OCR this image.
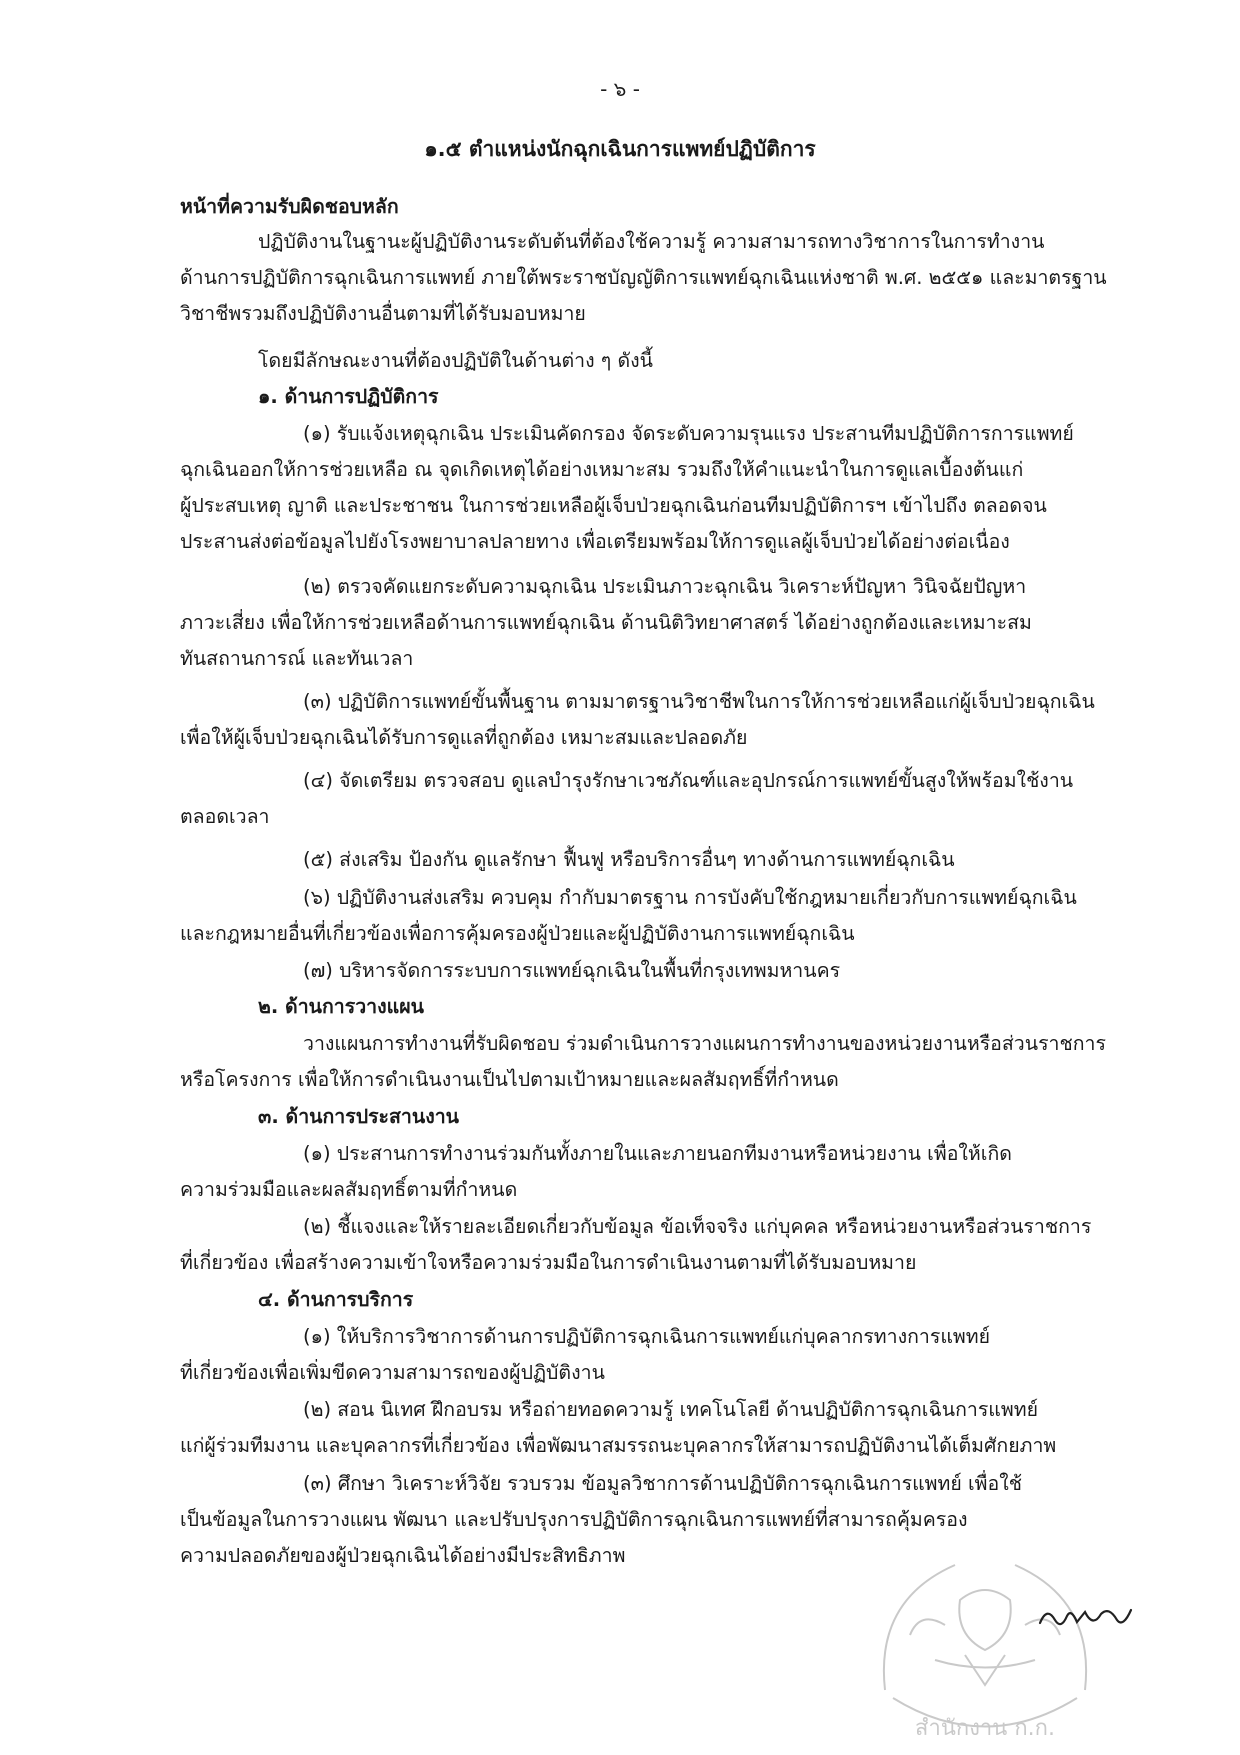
- ๖ -
๑.๕ ตำแหน่งนักฉุกเฉินการแพทย์ปฏิบัติการ
หน้าที่ความรับผิดชอบหลัก
ปฏิบัติงานในฐานะผู้ปฏิบัติงานระดับต้นที่ต้องใช้ความรู้ ความสามารถทางวิชาการในการทำงาน
ด้านการปฏิบัติการฉุกเฉินการแพทย์ ภายใต้พระราชบัญญัติการแพทย์ฉุกเฉินแห่งชาติ พ.ศ. ๒๕๕๑ และมาตรฐาน
วิชาชีพรวมถึงปฏิบัติงานอื่นตามที่ได้รับมอบหมาย
โดยมีลักษณะงานที่ต้องปฏิบัติในด้านต่าง ๆ ดังนี้
๑. ด้านการปฏิบัติการ
(๑) รับแจ้งเหตุฉุกเฉิน ประเมินคัดกรอง จัดระดับความรุนแรง ประสานทีมปฏิบัติการการแพทย์
ฉุกเฉินออกให้การช่วยเหลือ ณ จุดเกิดเหตุได้อย่างเหมาะสม รวมถึงให้คำแนะนำในการดูแลเบื้องต้นแก่
ผู้ประสบเหตุ ญาติ และประชาชน ในการช่วยเหลือผู้เจ็บป่วยฉุกเฉินก่อนทีมปฏิบัติการฯ เข้าไปถึง ตลอดจน
ประสานส่งต่อข้อมูลไปยังโรงพยาบาลปลายทาง เพื่อเตรียมพร้อมให้การดูแลผู้เจ็บป่วยได้อย่างต่อเนื่อง
(๒) ตรวจคัดแยกระดับความฉุกเฉิน ประเมินภาวะฉุกเฉิน วิเคราะห์ปัญหา วินิจฉัยปัญหา
ภาวะเสี่ยง เพื่อให้การช่วยเหลือด้านการแพทย์ฉุกเฉิน ด้านนิติวิทยาศาสตร์ ได้อย่างถูกต้องและเหมาะสม
ทันสถานการณ์ และทันเวลา
(๓) ปฏิบัติการแพทย์ขั้นพื้นฐาน ตามมาตรฐานวิชาชีพในการให้การช่วยเหลือแก่ผู้เจ็บป่วยฉุกเฉิน
เพื่อให้ผู้เจ็บป่วยฉุกเฉินได้รับการดูแลที่ถูกต้อง เหมาะสมและปลอดภัย
(๔) จัดเตรียม ตรวจสอบ ดูแลบำรุงรักษาเวชภัณฑ์และอุปกรณ์การแพทย์ขั้นสูงให้พร้อมใช้งาน
ตลอดเวลา
(๕) ส่งเสริม ป้องกัน ดูแลรักษา ฟื้นฟู หรือบริการอื่นๆ ทางด้านการแพทย์ฉุกเฉิน
(๖) ปฏิบัติงานส่งเสริม ควบคุม กำกับมาตรฐาน การบังคับใช้กฎหมายเกี่ยวกับการแพทย์ฉุกเฉิน
และกฎหมายอื่นที่เกี่ยวข้องเพื่อการคุ้มครองผู้ป่วยและผู้ปฏิบัติงานการแพทย์ฉุกเฉิน
(๗) บริหารจัดการระบบการแพทย์ฉุกเฉินในพื้นที่กรุงเทพมหานคร
๒. ด้านการวางแผน
วางแผนการทำงานที่รับผิดชอบ ร่วมดำเนินการวางแผนการทำงานของหน่วยงานหรือส่วนราชการ
หรือโครงการ เพื่อให้การดำเนินงานเป็นไปตามเป้าหมายและผลสัมฤทธิ์ที่กำหนด
๓. ด้านการประสานงาน
(๑) ประสานการทำงานร่วมกันทั้งภายในและภายนอกทีมงานหรือหน่วยงาน เพื่อให้เกิด
ความร่วมมือและผลสัมฤทธิ์ตามที่กำหนด
(๒) ชี้แจงและให้รายละเอียดเกี่ยวกับข้อมูล ข้อเท็จจริง แก่บุคคล หรือหน่วยงานหรือส่วนราชการ
ที่เกี่ยวข้อง เพื่อสร้างความเข้าใจหรือความร่วมมือในการดำเนินงานตามที่ได้รับมอบหมาย
๔. ด้านการบริการ
(๑) ให้บริการวิชาการด้านการปฏิบัติการฉุกเฉินการแพทย์แก่บุคลากรทางการแพทย์
ที่เกี่ยวข้องเพื่อเพิ่มขีดความสามารถของผู้ปฏิบัติงาน
(๒) สอน นิเทศ ฝึกอบรม หรือถ่ายทอดความรู้ เทคโนโลยี ด้านปฏิบัติการฉุกเฉินการแพทย์
แก่ผู้ร่วมทีมงาน และบุคลากรที่เกี่ยวข้อง เพื่อพัฒนาสมรรถนะบุคลากรให้สามารถปฏิบัติงานได้เต็มศักยภาพ
(๓) ศึกษา วิเคราะห์วิจัย รวบรวม ข้อมูลวิชาการด้านปฏิบัติการฉุกเฉินการแพทย์ เพื่อใช้
เป็นข้อมูลในการวางแผน พัฒนา และปรับปรุงการปฏิบัติการฉุกเฉินการแพทย์ที่สามารถคุ้มครอง
ความปลอดภัยของผู้ป่วยฉุกเฉินได้อย่างมีประสิทธิภาพ
สำนักงาน ก.ก.
